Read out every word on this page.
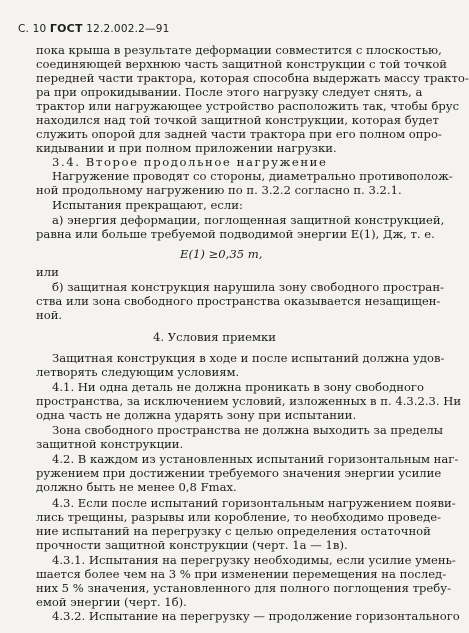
С. 10 ГОСТ 12.2.002.2—91
пока крыша в результате деформации совместится с плоскостью,
соединяющей верхнюю часть защитной конструкции с той точкой
передней части трактора, которая способна выдержать массу тракто-
ра при опрокидывании. После этого нагрузку следует снять, а
трактор или нагружающее устройство расположить так, чтобы брус
находился над той точкой защитной конструкции, которая будет
служить опорой для задней части трактора при его полном опро-
кидывании и при полном приложении нагрузки.
3.4. Второе продольное нагружение
Нагружение проводят со стороны, диаметрально противополож-
ной продольному нагружению по п. 3.2.2 согласно п. 3.2.1.
Испытания прекращают, если:
а) энергия деформации, поглощенная защитной конструкцией,
равна или больше требуемой подводимой энергии E(1), Дж, т. е.
E(1) ≥0,35 m,
или
б) защитная конструкция нарушила зону свободного простран-
ства или зона свободного пространства оказывается незащищен-
ной.
4. Условия приемки
Защитная конструкция в ходе и после испытаний должна удов-
летворять следующим условиям.
4.1. Ни одна деталь не должна проникать в зону свободного
пространства, за исключением условий, изложенных в п. 4.3.2.3. Ни
одна часть не должна ударять зону при испытании.
Зона свободного пространства не должна выходить за пределы
защитной конструкции.
4.2. В каждом из установленных испытаний горизонтальным наг-
ружением при достижении требуемого значения энергии усилие
должно быть не менее 0,8 Fmax.
4.3. Если после испытаний горизонтальным нагружением появи-
лись трещины, разрывы или коробление, то необходимо проведе-
ние испытаний на перегрузку с целью определения остаточной
прочности защитной конструкции (черт. 1а — 1в).
4.3.1. Испытания на перегрузку необходимы, если усилие умень-
шается более чем на 3 % при изменении перемещения на послед-
них 5 % значения, установленного для полного поглощения требу-
емой энергии (черт. 1б).
4.3.2. Испытание на перегрузку — продолжение горизонтального
